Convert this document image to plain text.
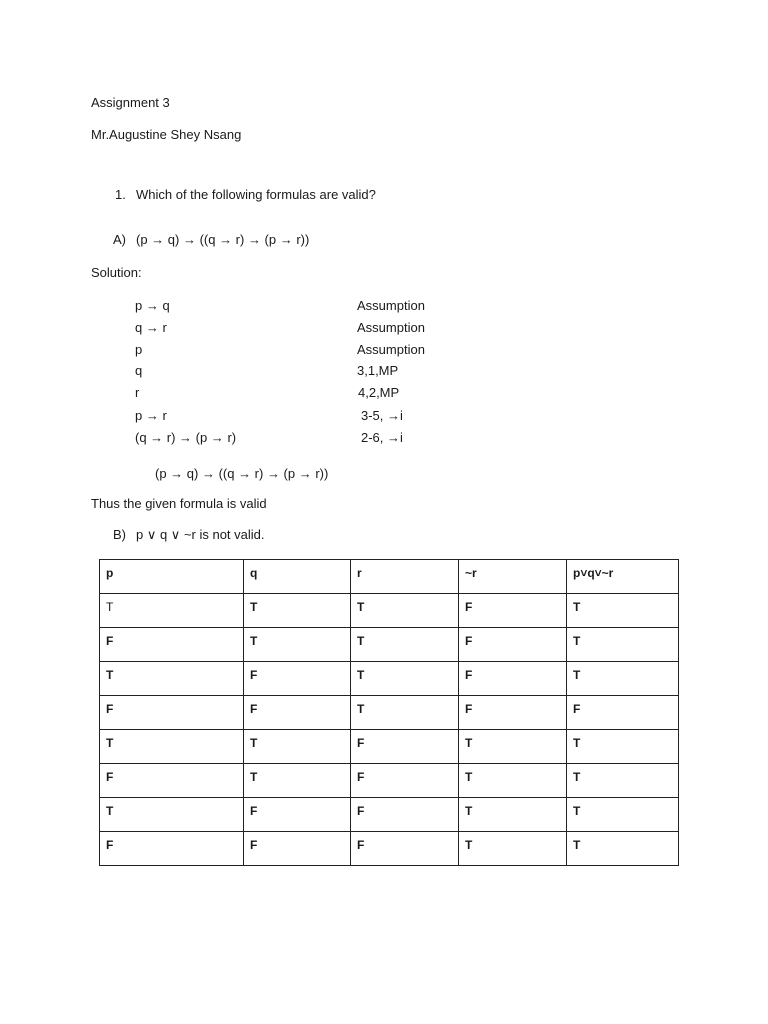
Assignment 3
Mr.Augustine Shey Nsang
1. Which of the following formulas are valid?
A) (p → q) → ((q → r) → (p → r))
Solution:
p → q	Assumption
q → r	Assumption
p	Assumption
q	3,1,MP
r	4,2,MP
p → r	3-5, →i
(q → r) → (p → r)	2-6, →i
(p → q) → ((q → r) → (p → r))
Thus the given formula is valid
B) p ∨ q ∨ ~r is not valid.
p	q	r	~r	p˅q˅~r
T	T	T	F	T
F	T	T	F	T
T	F	T	F	T
F	F	T	F	F
T	T	F	T	T
F	T	F	T	T
T	F	F	T	T
F	F	F	T	T
